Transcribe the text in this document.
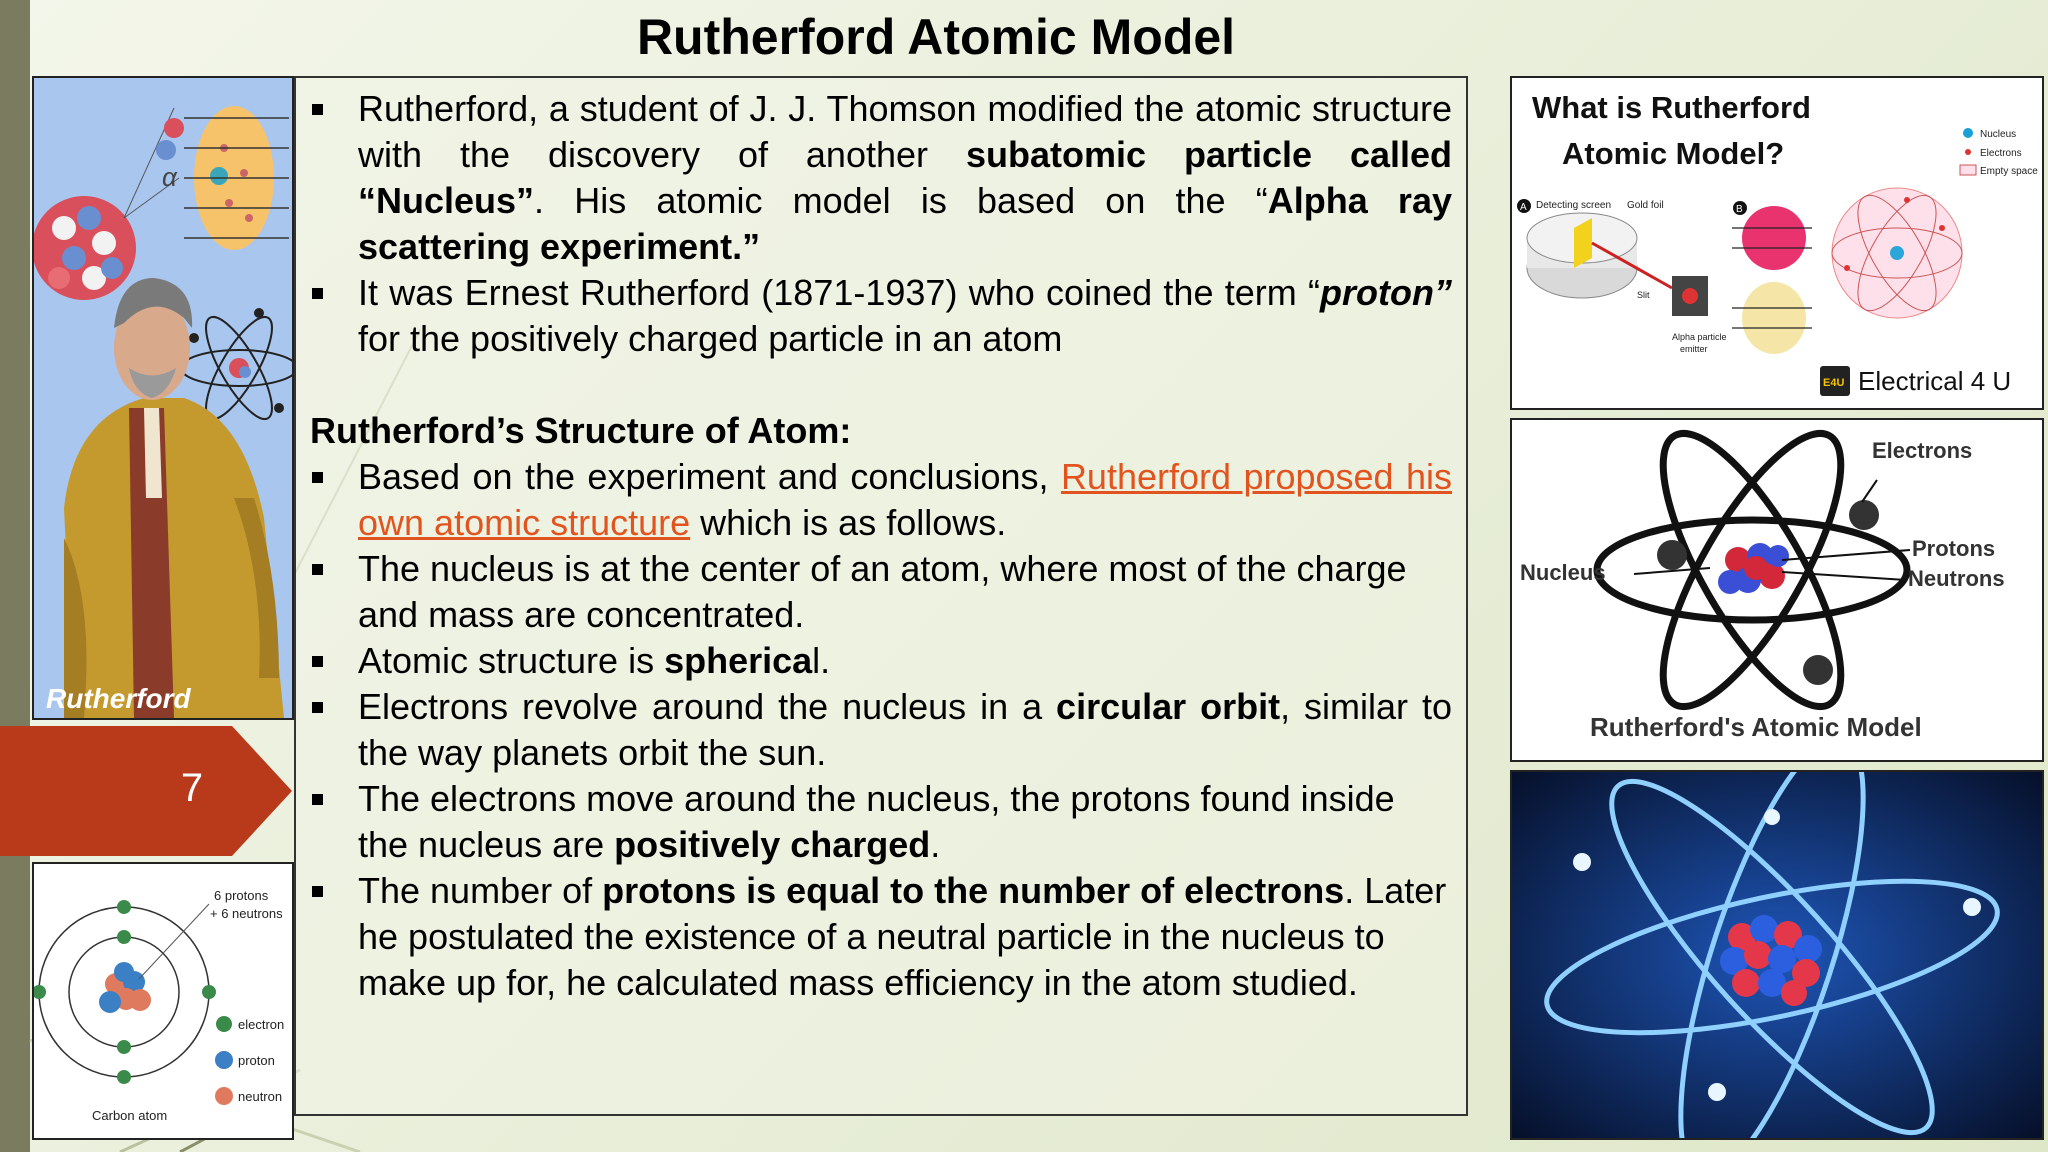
Rutherford Atomic Model
α
Rutherford
7
6 protons
+ 6 neutrons
electron
proton
neutron
Carbon atom

Rutherford, a student of J. J. Thomson modified the atomic structure with the discovery of another subatomic particle called “Nucleus”. His atomic model is based on the “Alpha ray scattering experiment.”

It was Ernest Rutherford (1871-1937) who coined the term “proton” for the positively charged particle in an atom

Rutherford’s Structure of Atom:

Based on the experiment and conclusions, Rutherford proposed his own atomic structure which is as follows.

The nucleus is at the center of an atom, where most of the charge and mass are concentrated.

Atomic structure is spherical.

Electrons revolve around the nucleus in a circular orbit, similar to the way planets orbit the sun.

The electrons move around the nucleus, the protons found inside the nucleus are positively charged.

The number of protons is equal to the number of electrons. Later he postulated the existence of a neutral particle in the nucleus to make up for, he calculated mass efficiency in the atom studied.

What is Rutherford
Atomic Model?
A Detecting screen Gold foil
Slit
Alpha particle
emitter
B
Nucleus
Electrons
Empty space
E4U Electrical 4 U
Electrons
Nucleus
Protons
Neutrons
Rutherford's Atomic Model
